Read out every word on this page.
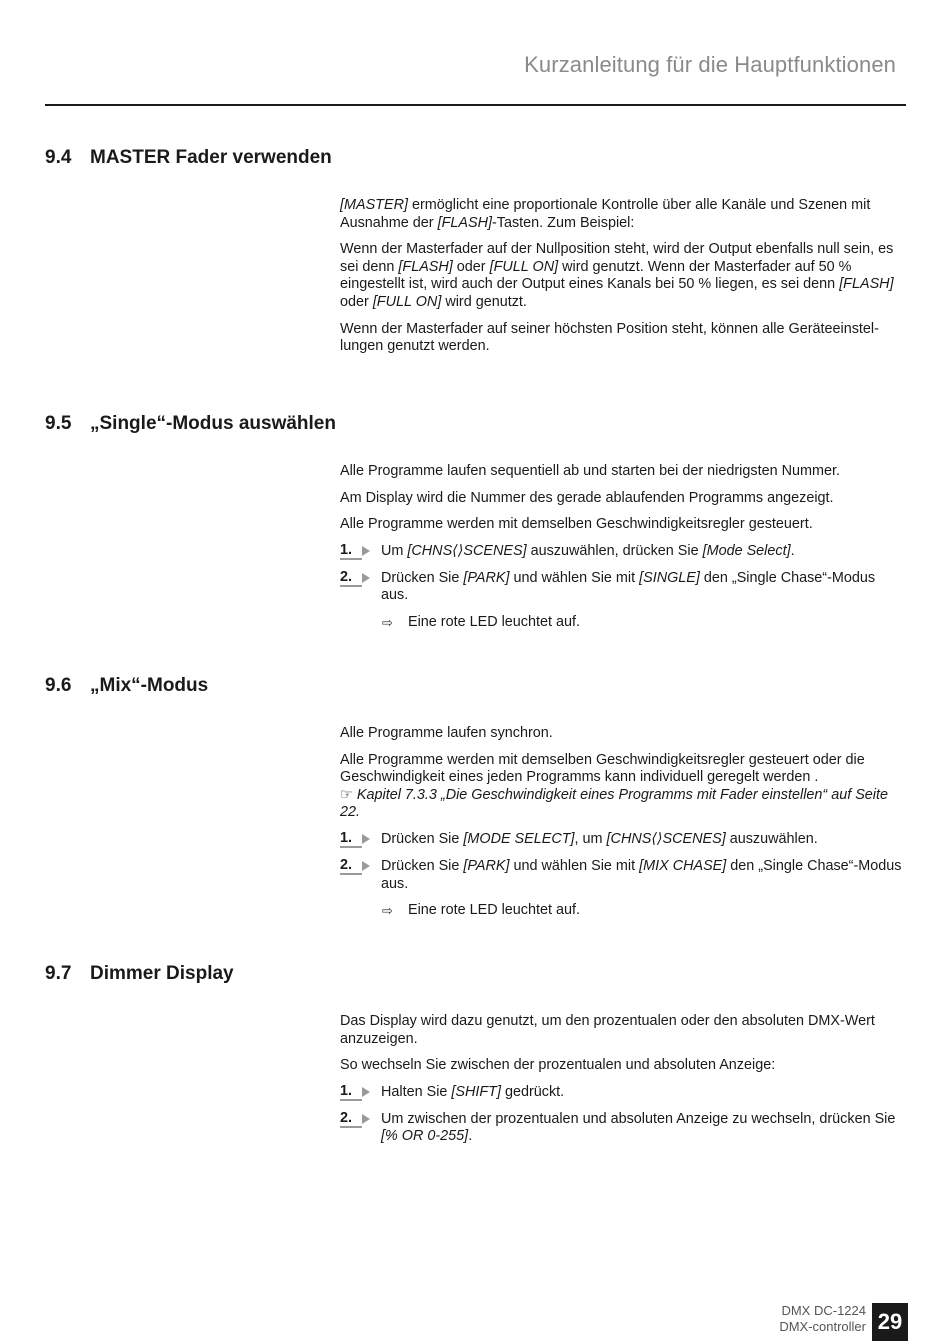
Kurzanleitung für die Hauptfunktionen
9.4 MASTER Fader verwenden

[MASTER] ermöglicht eine proportionale Kontrolle über alle Kanäle und Szenen mit Ausnahme der [FLASH]-Tasten. Zum Beispiel:

Wenn der Masterfader auf der Nullposition steht, wird der Output ebenfalls null sein, es sei denn [FLASH] oder [FULL ON] wird genutzt. Wenn der Masterfader auf 50 % eingestellt ist, wird auch der Output eines Kanals bei 50 % liegen, es sei denn [FLASH] oder [FULL ON] wird genutzt.

Wenn der Masterfader auf seiner höchsten Position steht, können alle Geräteeinstellungen genutzt werden.

9.5 „Single“-Modus auswählen

Alle Programme laufen sequentiell ab und starten bei der niedrigsten Nummer.

Am Display wird die Nummer des gerade ablaufenden Programms angezeigt.

Alle Programme werden mit demselben Geschwindigkeitsregler gesteuert.

1.	Um [CHNS⟨⟩SCENES] auszuwählen, drücken Sie [Mode Select].
2.	Drücken Sie [PARK] und wählen Sie mit [SINGLE] den „Single Chase“-Modus aus.
⇨ Eine rote LED leuchtet auf.
9.6 „Mix“-Modus

Alle Programme laufen synchron.

Alle Programme werden mit demselben Geschwindigkeitsregler gesteuert oder die Geschwindigkeit eines jeden Programms kann individuell geregelt werden .
☞ Kapitel 7.3.3 „Die Geschwindigkeit eines Programms mit Fader einstellen“ auf Seite 22.

1.	Drücken Sie [MODE SELECT], um [CHNS⟨⟩SCENES] auszuwählen.
2.	Drücken Sie [PARK] und wählen Sie mit [MIX CHASE] den „Single Chase“-Modus aus.
⇨ Eine rote LED leuchtet auf.
9.7 Dimmer Display

Das Display wird dazu genutzt, um den prozentualen oder den absoluten DMX-Wert anzuzeigen.

So wechseln Sie zwischen der prozentualen und absoluten Anzeige:

1.	Halten Sie [SHIFT] gedrückt.
2.	Um zwischen der prozentualen und absoluten Anzeige zu wechseln, drücken Sie [% OR 0-255].
DMX DC-1224
DMX-controller 29
